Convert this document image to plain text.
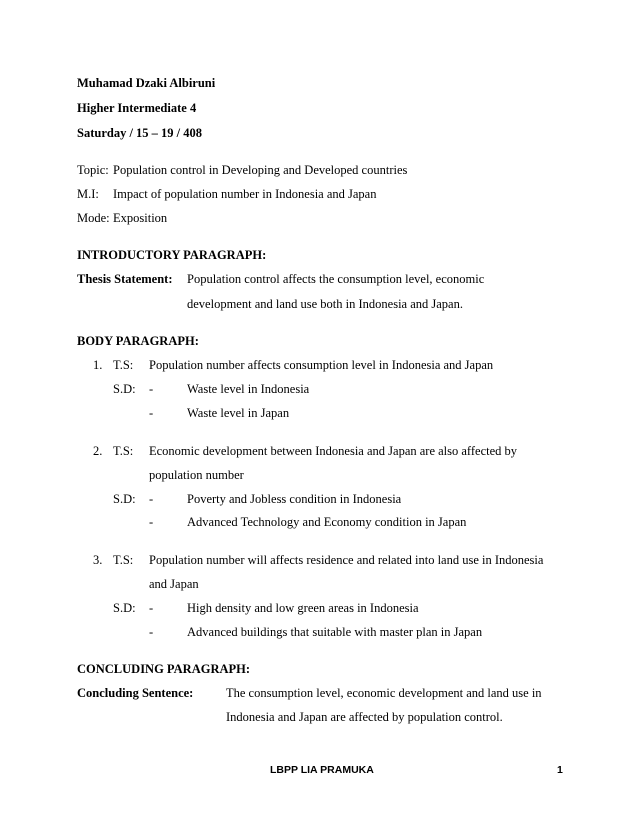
Muhamad Dzaki Albiruni
Higher Intermediate 4
Saturday / 15 – 19 / 408
Topic: Population control in Developing and Developed countries
M.I: Impact of population number in Indonesia and Japan
Mode: Exposition
INTRODUCTORY PARAGRAPH:
Thesis Statement: Population control affects the consumption level, economic
development and land use both in Indonesia and Japan.
BODY PARAGRAPH:
1. T.S: Population number affects consumption level in Indonesia and Japan
S.D: -	Waste level in Indonesia
-	Waste level in Japan
2. T.S: Economic development between Indonesia and Japan are also affected by
population number
S.D: -	Poverty and Jobless condition in Indonesia
-	Advanced Technology and Economy condition in Japan
3. T.S: Population number will affects residence and related into land use in Indonesia
and Japan
S.D: -	High density and low green areas in Indonesia
-	Advanced buildings that suitable with master plan in Japan
CONCLUDING PARAGRAPH:
Concluding Sentence:	The consumption level, economic development and land use in
Indonesia and Japan are affected by population control.
LBPP LIA PRAMUKA	1
